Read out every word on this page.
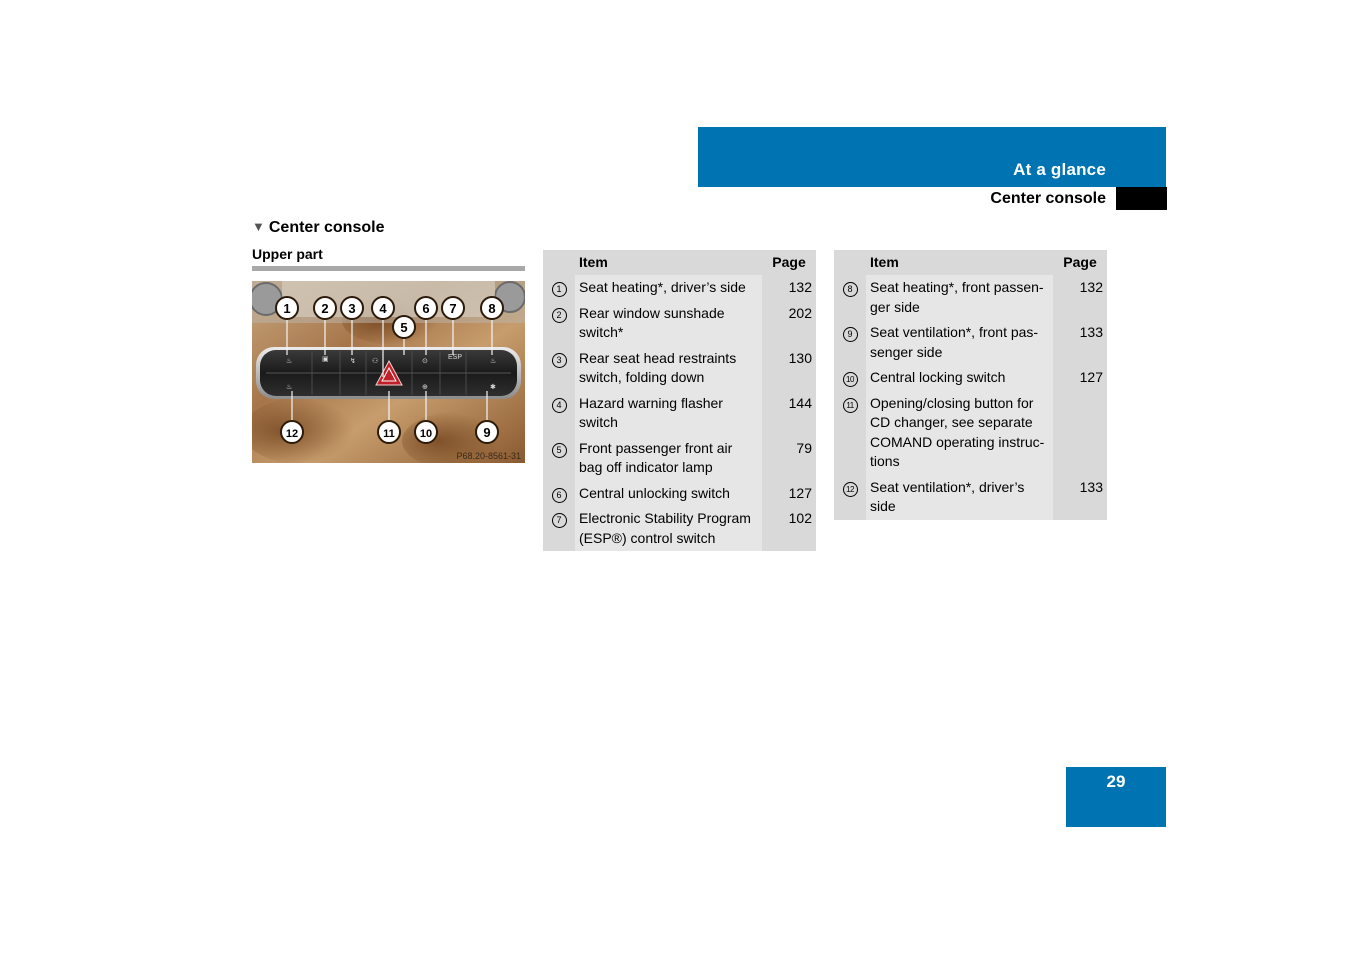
At a glance
Center console
▼ Center console
Upper part
♨	▣	↯ ⚇	⊙
ESP
♨
♨	⊕	✱
1 2 3 4
5
6 7 8
9
10
11
12
P68.20-8561-31
	Item	Page
1	Seat heating*, driver’s side	132
2	Rear window sunshade switch*	202
3	Rear seat head restraints switch, folding down	130
4	Hazard warning flasher switch	144
5	Front passenger front air bag off indicator lamp	79
6	Central unlocking switch	127
7	Electronic Stability Program (ESP®) control switch	102
	Item	Page
8	Seat heating*, front passen-ger side	132
9	Seat ventilation*, front pas-senger side	133
10	Central locking switch	127
11	Opening/closing button for CD changer, see separate COMAND operating instruc-tions	
12	Seat ventilation*, driver’s side	133
29
